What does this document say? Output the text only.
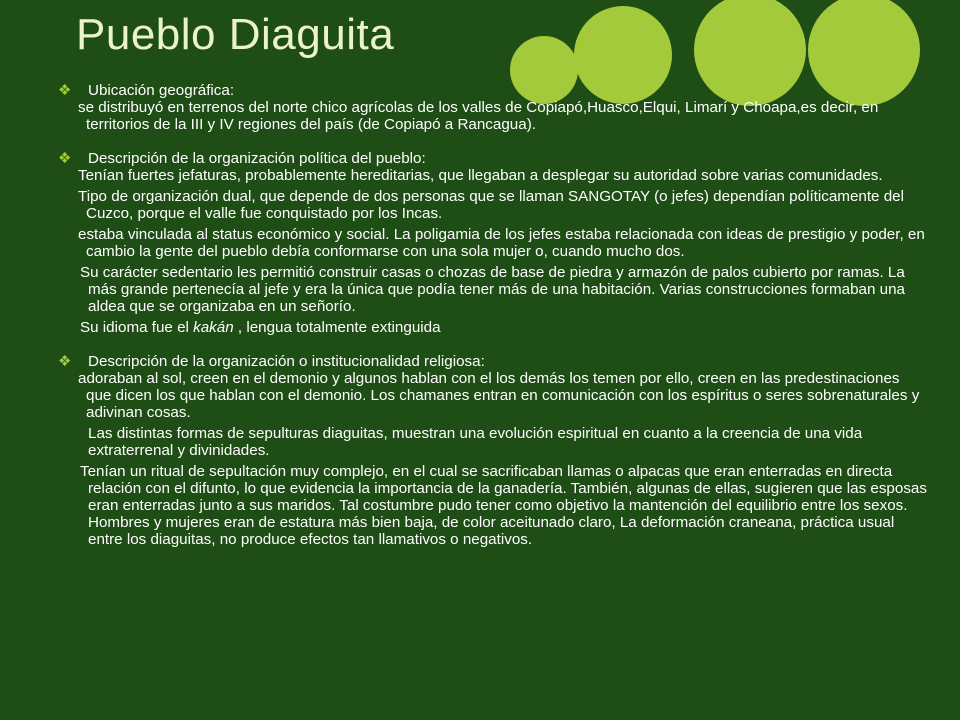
Pueblo Diaguita
❖	Ubicación geográfica:

se distribuyó en terrenos del norte chico agrícolas de los valles de Copiapó,Huasco,Elqui, Limarí y Choapa,es decir, en territorios de la III y IV regiones del país (de Copiapó a Rancagua).

❖	Descripción de la organización política del pueblo:

Tenían fuertes jefaturas, probablemente hereditarias, que llegaban a desplegar su autoridad sobre varias comunidades.

Tipo de organización dual, que depende de dos personas que se llaman SANGOTAY (o jefes) dependían políticamente del Cuzco, porque el valle fue conquistado por los Incas.

estaba vinculada al status económico y social. La poligamia de los jefes estaba relacionada con ideas de prestigio y poder, en cambio la gente del pueblo debía conformarse con una sola mujer o, cuando mucho dos.

Su carácter sedentario les permitió construir casas o chozas de base de piedra y armazón de palos cubierto por ramas. La más grande pertenecía al jefe y era la única que podía tener más de una habitación. Varias construcciones formaban una aldea que se organizaba en un señorío.

Su idioma fue el kakán , lengua totalmente extinguida

❖	Descripción de la organización o institucionalidad religiosa:

adoraban al sol, creen en el demonio y algunos hablan con el los demás los temen por ello, creen en las predestinaciones que dicen los que hablan con el demonio. Los chamanes entran en comunicación con los espíritus o seres sobrenaturales y adivinan cosas.

Las distintas formas de sepulturas diaguitas, muestran una evolución espiritual en cuanto a la creencia de una vida extraterrenal y divinidades.

Tenían un ritual de sepultación muy complejo, en el cual se sacrificaban llamas o alpacas que eran enterradas en directa relación con el difunto, lo que evidencia la importancia de la ganadería. También, algunas de ellas, sugieren que las esposas eran enterradas junto a sus maridos. Tal costumbre pudo tener como objetivo la mantención del equilibrio entre los sexos. Hombres y mujeres eran de estatura más bien baja, de color aceitunado claro, La deformación craneana, práctica usual entre los diaguitas, no produce efectos tan llamativos o negativos.
